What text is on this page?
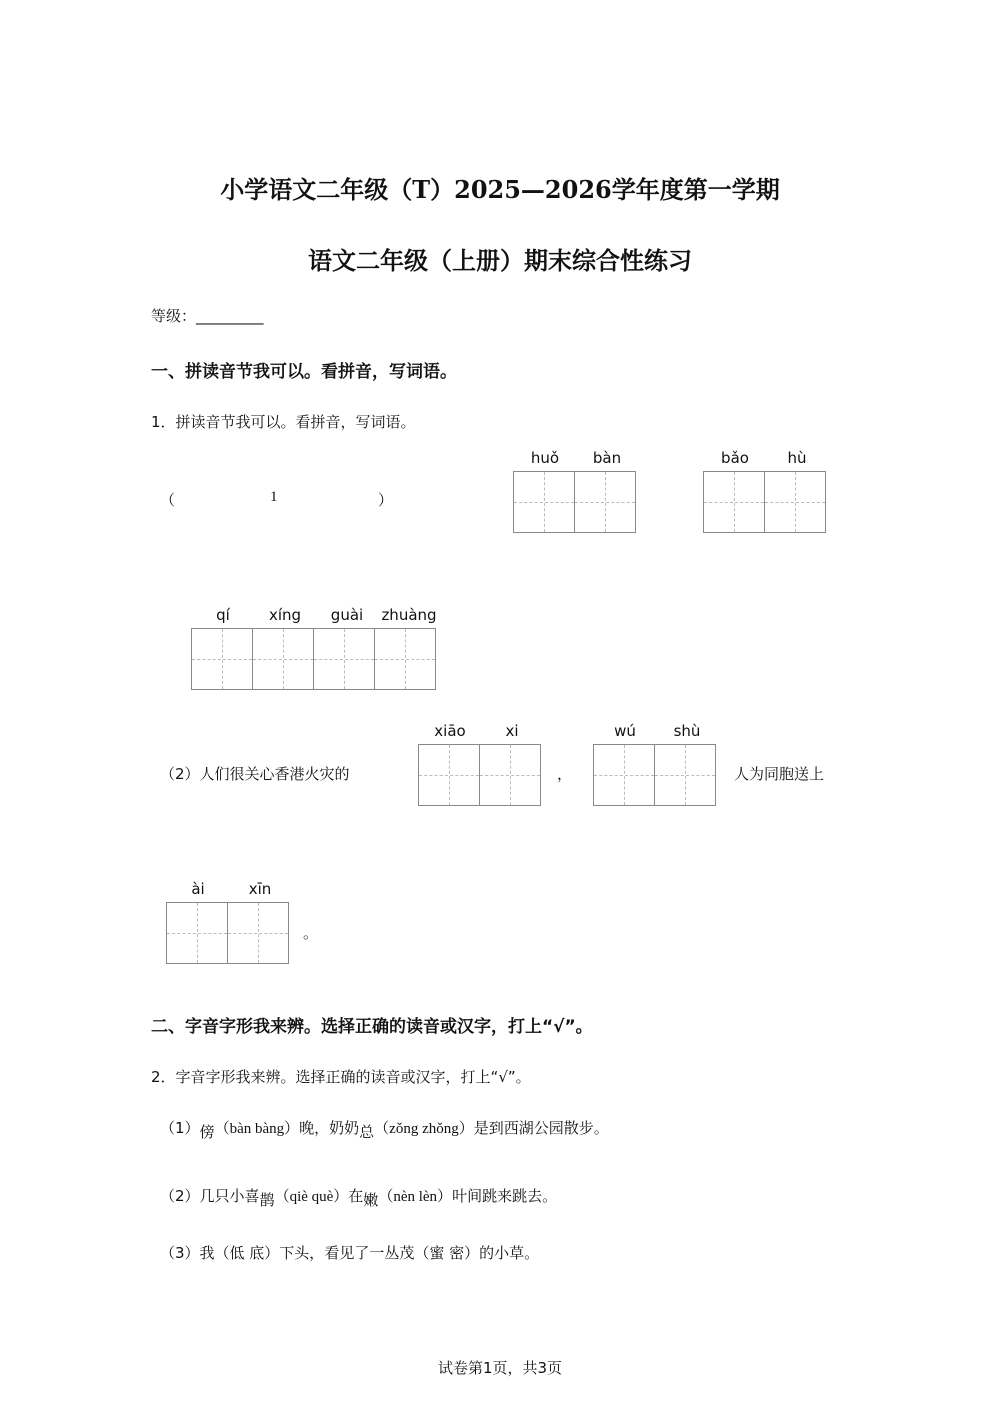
小学语文二年级（T）2025—2026学年度第一学期
语文二年级（上册）期末综合性练习
等级：_________
一、拼读音节我可以。看拼音，写词语。
1．拼读音节我可以。看拼音，写词语。
（	1	）
huǒ	bàn	bǎo	hù
qí	xíng	guài	zhuàng
（2）人们很关心香港火灾的
xiāo	xi
，
wú	shù
人为同胞送上
ài	xīn
。
二、字音字形我来辨。选择正确的读音或汉字，打上“√”。
2．字音字形我来辨。选择正确的读音或汉字，打上“√”。
（1）傍（bàn bàng）晚，奶奶总（zǒng zhǒng）是到西湖公园散步。
（2）几只小喜鹊（qiè què）在嫩（nèn lèn）叶间跳来跳去。
（3）我（低 底）下头，看见了一丛茂（蜜 密）的小草。
试卷第1页，共3页
